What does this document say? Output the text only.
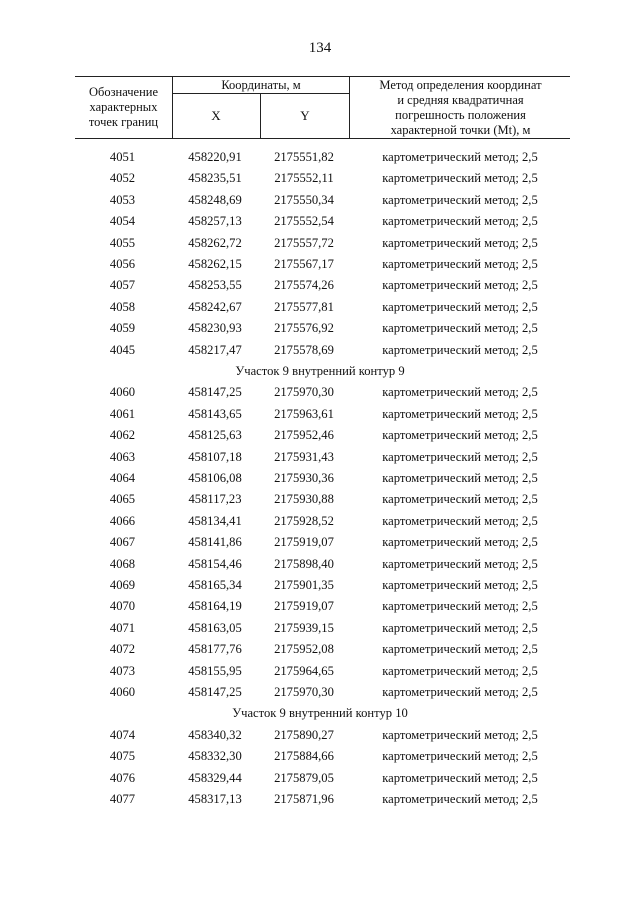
134
Обозначение
характерных
точек границ
Координаты, м
X	Y
Метод определения координат
и средняя квадратичная
погрешность положения
характерной точки (Mt), м
4051	458220,91	2175551,82	картометрический метод; 2,5
4052	458235,51	2175552,11	картометрический метод; 2,5
4053	458248,69	2175550,34	картометрический метод; 2,5
4054	458257,13	2175552,54	картометрический метод; 2,5
4055	458262,72	2175557,72	картометрический метод; 2,5
4056	458262,15	2175567,17	картометрический метод; 2,5
4057	458253,55	2175574,26	картометрический метод; 2,5
4058	458242,67	2175577,81	картометрический метод; 2,5
4059	458230,93	2175576,92	картометрический метод; 2,5
4045	458217,47	2175578,69	картометрический метод; 2,5
Участок 9 внутренний контур 9
4060	458147,25	2175970,30	картометрический метод; 2,5
4061	458143,65	2175963,61	картометрический метод; 2,5
4062	458125,63	2175952,46	картометрический метод; 2,5
4063	458107,18	2175931,43	картометрический метод; 2,5
4064	458106,08	2175930,36	картометрический метод; 2,5
4065	458117,23	2175930,88	картометрический метод; 2,5
4066	458134,41	2175928,52	картометрический метод; 2,5
4067	458141,86	2175919,07	картометрический метод; 2,5
4068	458154,46	2175898,40	картометрический метод; 2,5
4069	458165,34	2175901,35	картометрический метод; 2,5
4070	458164,19	2175919,07	картометрический метод; 2,5
4071	458163,05	2175939,15	картометрический метод; 2,5
4072	458177,76	2175952,08	картометрический метод; 2,5
4073	458155,95	2175964,65	картометрический метод; 2,5
4060	458147,25	2175970,30	картометрический метод; 2,5
Участок 9 внутренний контур 10
4074	458340,32	2175890,27	картометрический метод; 2,5
4075	458332,30	2175884,66	картометрический метод; 2,5
4076	458329,44	2175879,05	картометрический метод; 2,5
4077	458317,13	2175871,96	картометрический метод; 2,5
